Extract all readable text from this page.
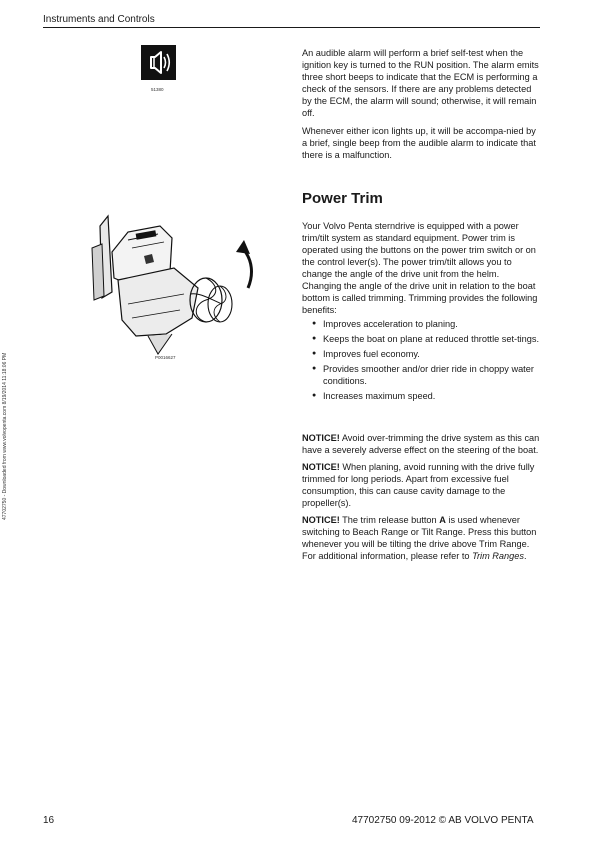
Instruments and Controls
47702750 - Downloaded from www.volvopenta.com 8/19/2014 11:18:06 PM
51380

An audible alarm will perform a brief self-test when the ignition key is turned to the RUN position. The alarm emits three short beeps to indicate that the ECM is performing a check of the sensors. If there are any problems detected by the ECM, the alarm will sound; otherwise, it will remain off.

Whenever either icon lights up, it will be accompa-nied by a brief, single beep from the audible alarm to indicate that there is a malfunction.

P0016627
Power Trim

Your Volvo Penta sterndrive is equipped with a power trim/tilt system as standard equipment. Power trim is operated using the buttons on the power trim switch or on the control lever(s). The power trim/tilt allows you to change the angle of the drive unit from the helm. Changing the angle of the drive unit in relation to the boat bottom is called trimming. Trimming provides the following benefits:

● Improves acceleration to planing.
● Keeps the boat on plane at reduced throttle set-tings.
● Improves fuel economy.
● Provides smoother and/or drier ride in choppy water conditions.
● Increases maximum speed.

NOTICE! Avoid over-trimming the drive system as this can have a severely adverse effect on the steering of the boat.

NOTICE! When planing, avoid running with the drive fully trimmed for long periods. Apart from excessive fuel consumption, this can cause cavity damage to the propeller(s).

NOTICE! The trim release button A is used whenever switching to Beach Range or Tilt Range. Press this button whenever you will be tilting the drive above Trim Range. For additional information, please refer to Trim Ranges.

16	47702750 09-2012 © AB VOLVO PENTA
